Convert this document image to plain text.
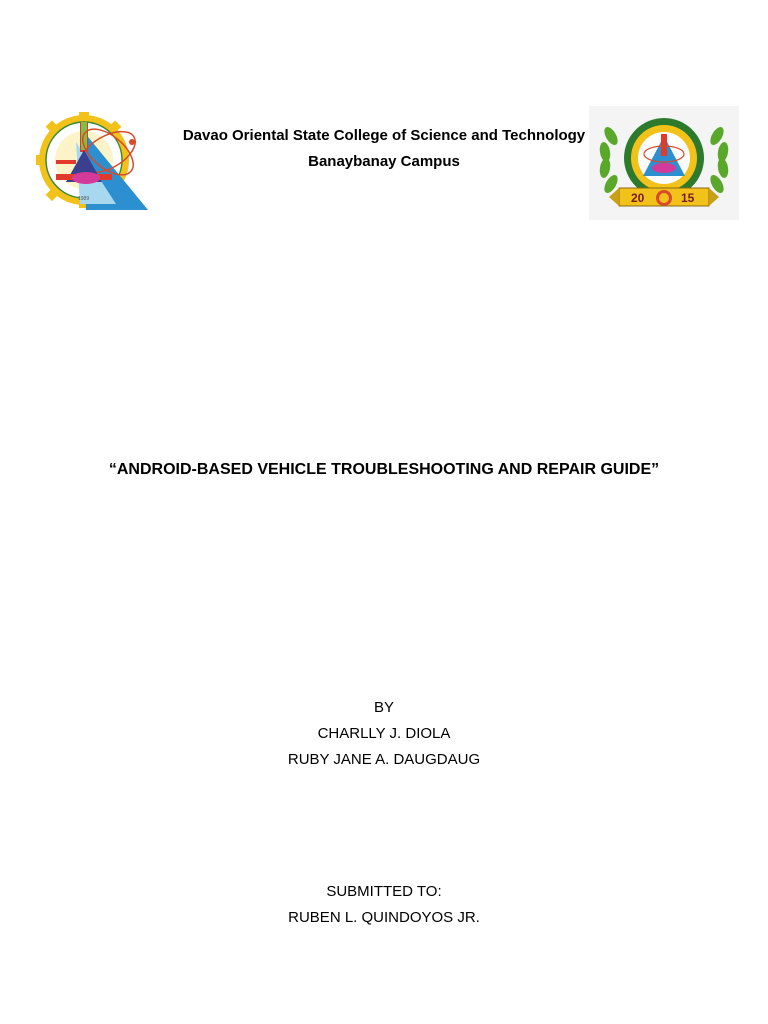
1989
Davao Oriental State College of Science and Technology
Banaybanay Campus
20	15
“ANDROID-BASED VEHICLE TROUBLESHOOTING AND REPAIR GUIDE”
BY
CHARLLY J. DIOLA
RUBY JANE A. DAUGDAUG
SUBMITTED TO:
RUBEN L. QUINDOYOS JR.
